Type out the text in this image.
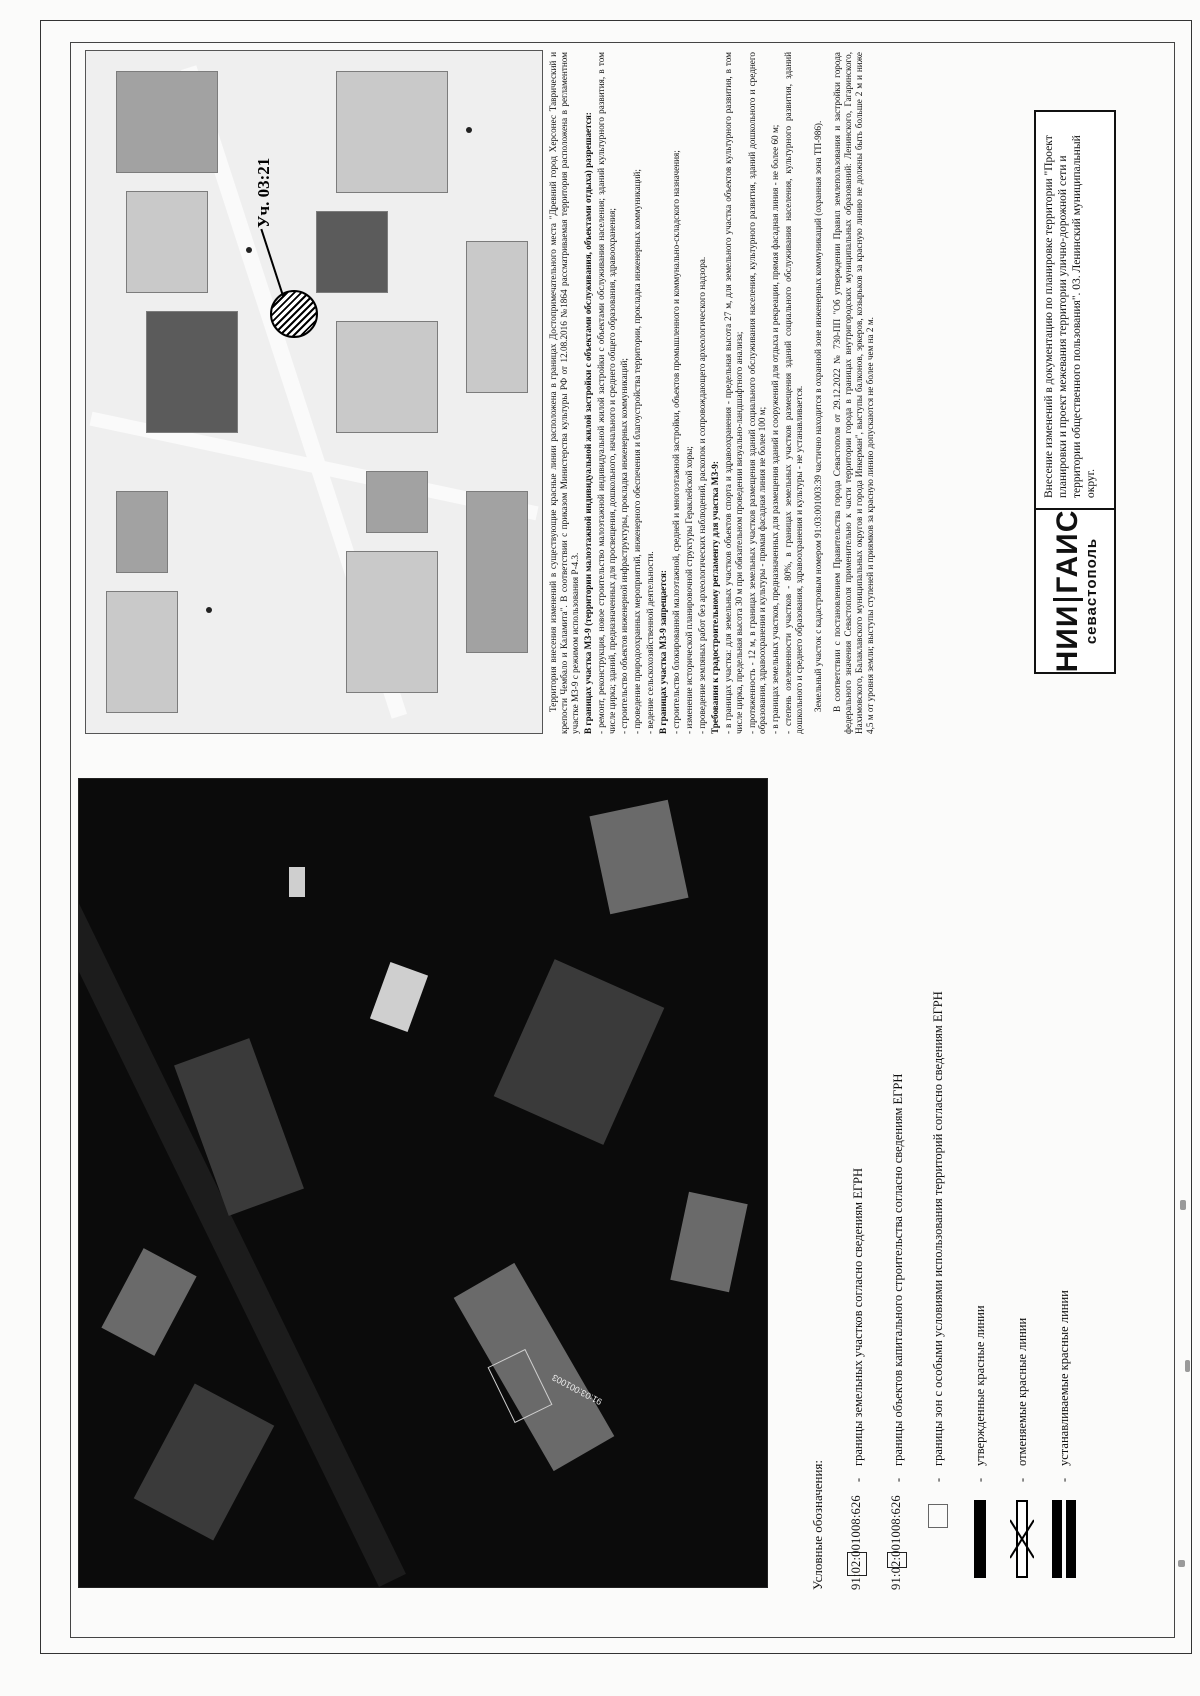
91:03:001003
Уч. 03:21	Территория внесения изменений в существующие красные линии расположена в границах Достопримечательного места "Древний город Херсонес Таврический и крепости Чембало и Каламита". В соответствии с приказом Министерства культуры РФ от 12.08.2016 №1864 рассматриваемая территория расположена в регламентном участке МЗ-9 с режимом использования Р-4.3. В границах участка МЗ-9 (территории малоэтажной индивидуальной жилой застройки с объектами обслуживания, объектами отдыха) разрешается: - ремонт, реконструкция, новое строительство малоэтажной индивидуальной жилой застройки с объектами обслуживания населения; зданий культурного развития, в том числе цирка; зданий, предназначенных для просвещения, дошкольного, начального и среднего общего образования, здравоохранения; - строительство объектов инженерной инфраструктуры, прокладка инженерных коммуникаций; - проведение природоохранных мероприятий, инженерного обеспечения и благоустройства территории, прокладка инженерных коммуникаций; - ведение сельскохозяйственной деятельности. В границах участка МЗ-9 запрещается: - строительство блокированной малоэтажной, средней и многоэтажной застройки, объектов промышленного и коммунально-складского назначения; - изменение исторической планировочной структуры Гераклейской хоры; - проведение земляных работ без археологических наблюдений, раскопок и сопровождающего археологического надзора. Требования к градостроительному регламенту для участка МЗ-9: - в границах участка: для земельных участков объектов спорта и здравоохранения - предельная высота 27 м, для земельного участка объектов культурного развития, в том числе цирка, предельная высота 30 м при обязательном проведении визуально-ландшафтного анализа; - протяженность - 12 м, в границах земельных участков размещения зданий социального обслуживания населения, культурного развития, зданий дошкольного и среднего образования, здравоохранения и культуры - прямая фасадная линия не более 100 м; - в границах земельных участков, предназначенных для размещения зданий и сооружений для отдыха и рекреации, прямая фасадная линия - не более 60 м; - степень озелененности участков - 80%, в границах земельных участков размещения зданий социального обслуживания населения, культурного развития, зданий дошкольного и среднего образования, здравоохранения и культуры - не устанавливается. Земельный участок с кадастровым номером 91:03:001003:39 частично находится в охранной зоне инженерных коммуникаций (охранная зона ТП-986). В соответствии с постановлением Правительства города Севастополя от 29.12.2022 № 730-ПП "Об утверждении Правил землепользования и застройки города федерального значения Севастополя применительно к части территории города в границах внутригородских муниципальных образований: Ленинского, Гагаринского, Нахимовского, Балаклавского муниципальных округов и города Инкерман", выступы балконов, эркеров, козырьков за красную линию не должны быть больше 2 м и ниже 4,5 м от уровня земли; выступы ступеней и приямков за красную линию допускаются не более чем на 2 м.

Условные обозначения: 91:02:001008:626
-
границы земельных участков согласно сведениям ЕГРН
91:02:001008:626
-
границы объектов капитального строительства согласно сведениям ЕГРН
-
границы зон с особыми условиями использования территорий согласно сведениям ЕГРН
-
утвержденные красные линии
-
отменяемые красные линии
-
устанавливаемые красные линии
НИИ
ГАИС севастополь
Внесение изменений в документацию по планировке территории "Проект планировки и проект межевания территории улично-дорожной сети и территории общественного пользования". 03. Ленинский муниципальный округ.
